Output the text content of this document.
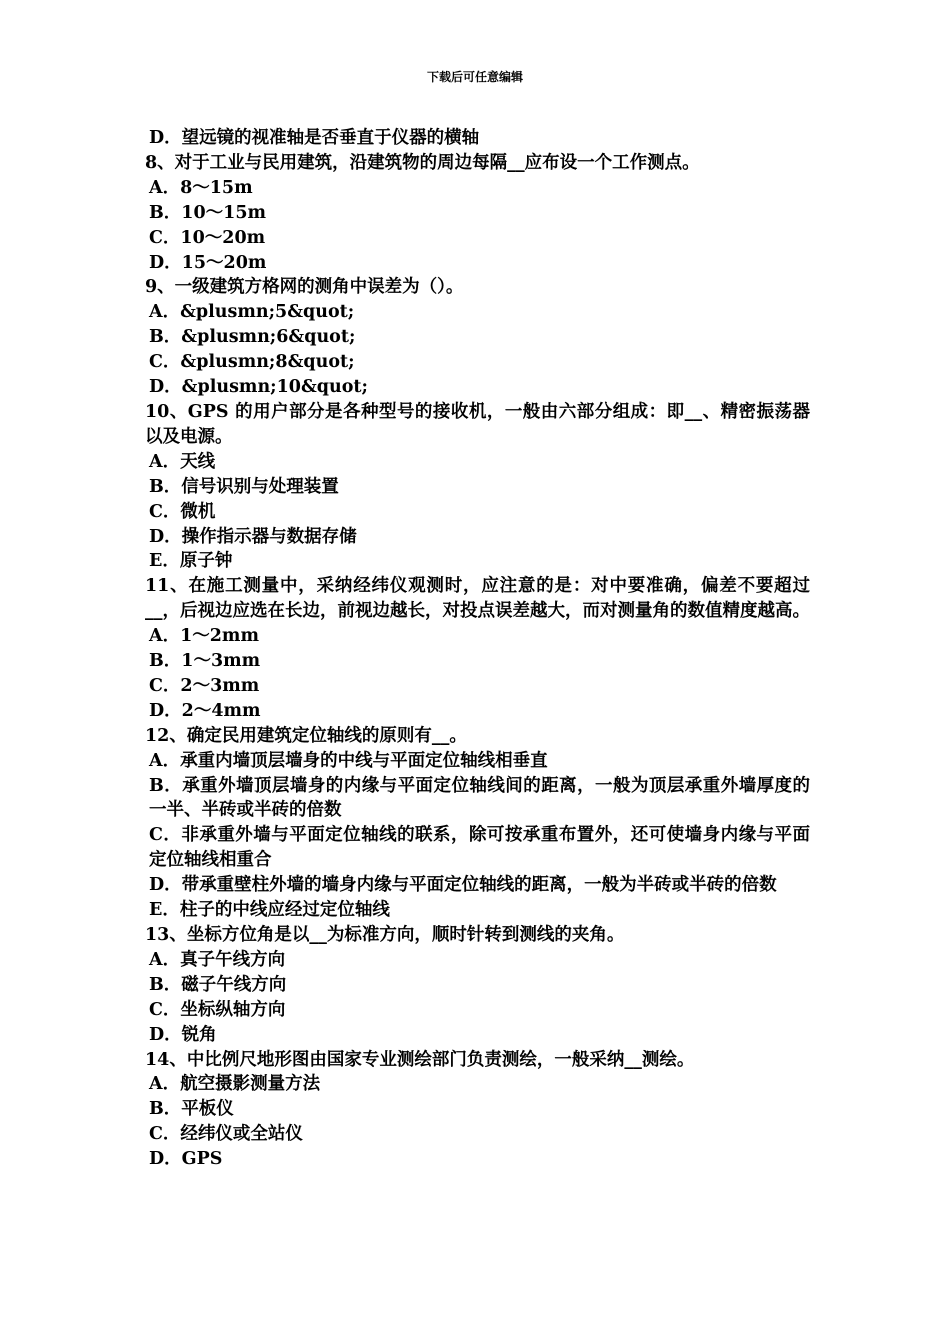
下载后可任意编辑
D．望远镜的视准轴是否垂直于仪器的横轴
8、对于工业与民用建筑，沿建筑物的周边每隔__应布设一个工作测点。
A．8～15m
B．10～15m
C．10～20m
D．15～20m
9、一级建筑方格网的测角中误差为（）。
A．&plusmn;5&quot;
B．&plusmn;6&quot;
C．&plusmn;8&quot;
D．&plusmn;10&quot;
10、GPS 的用户部分是各种型号的接收机，一般由六部分组成：即__、精密振荡器以及电源。
A．天线
B．信号识别与处理装置
C．微机
D．操作指示器与数据存储
E．原子钟
11、在施工测量中，采纳经纬仪观测时，应注意的是：对中要准确，偏差不要超过__，后视边应选在长边，前视边越长，对投点误差越大，而对测量角的数值精度越高。
A．1～2mm
B．1～3mm
C．2～3mm
D．2～4mm
12、确定民用建筑定位轴线的原则有__。
A．承重内墙顶层墙身的中线与平面定位轴线相垂直
B．承重外墙顶层墙身的内缘与平面定位轴线间的距离，一般为顶层承重外墙厚度的一半、半砖或半砖的倍数
C．非承重外墙与平面定位轴线的联系，除可按承重布置外，还可使墙身内缘与平面定位轴线相重合
D．带承重壁柱外墙的墙身内缘与平面定位轴线的距离，一般为半砖或半砖的倍数
E．柱子的中线应经过定位轴线
13、坐标方位角是以__为标准方向，顺时针转到测线的夹角。
A．真子午线方向
B．磁子午线方向
C．坐标纵轴方向
D．锐角
14、中比例尺地形图由国家专业测绘部门负责测绘，一般采纳__测绘。
A．航空摄影测量方法
B．平板仪
C．经纬仪或全站仪
D．GPS
